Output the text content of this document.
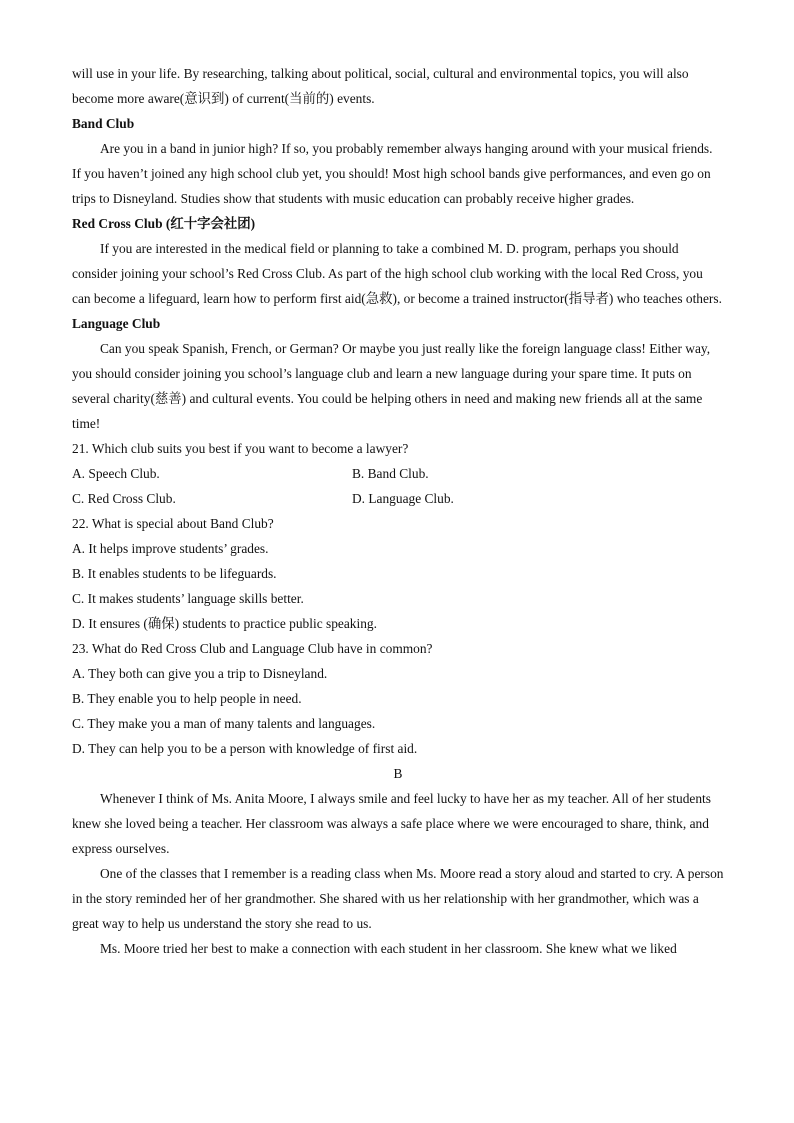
will use in your life. By researching, talking about political, social, cultural and environmental topics, you will also become more aware(意识到) of current(当前的) events.

Band Club

Are you in a band in junior high? If so, you probably remember always hanging around with your musical friends. If you haven’t joined any high school club yet, you should! Most high school bands give performances, and even go on trips to Disneyland. Studies show that students with music education can probably receive higher grades.

Red Cross Club (红十字会社团)

If you are interested in the medical field or planning to take a combined M. D. program, perhaps you should consider joining your school’s Red Cross Club. As part of the high school club working with the local Red Cross, you can become a lifeguard, learn how to perform first aid(急救), or become a trained instructor(指导者) who teaches others.

Language Club

Can you speak Spanish, French, or German? Or maybe you just really like the foreign language class! Either way, you should consider joining you school’s language club and learn a new language during your spare time. It puts on several charity(慈善) and cultural events. You could be helping others in need and making new friends all at the same time!

21. Which club suits you best if you want to become a lawyer?

A. Speech Club.	B. Band Club.
C. Red Cross Club.	D. Language Club.

22. What is special about Band Club?

A. It helps improve students’ grades.

B. It enables students to be lifeguards.

C. It makes students’ language skills better.

D. It ensures (确保) students to practice public speaking.

23. What do Red Cross Club and Language Club have in common?

A. They both can give you a trip to Disneyland.

B. They enable you to help people in need.

C. They make you a man of many talents and languages.

D. They can help you to be a person with knowledge of first aid.

B

Whenever I think of Ms. Anita Moore, I always smile and feel lucky to have her as my teacher. All of her students knew she loved being a teacher. Her classroom was always a safe place where we were encouraged to share, think, and express ourselves.

One of the classes that I remember is a reading class when Ms. Moore read a story aloud and started to cry. A person in the story reminded her of her grandmother. She shared with us her relationship with her grandmother, which was a great way to help us understand the story she read to us.

Ms. Moore tried her best to make a connection with each student in her classroom. She knew what we liked
